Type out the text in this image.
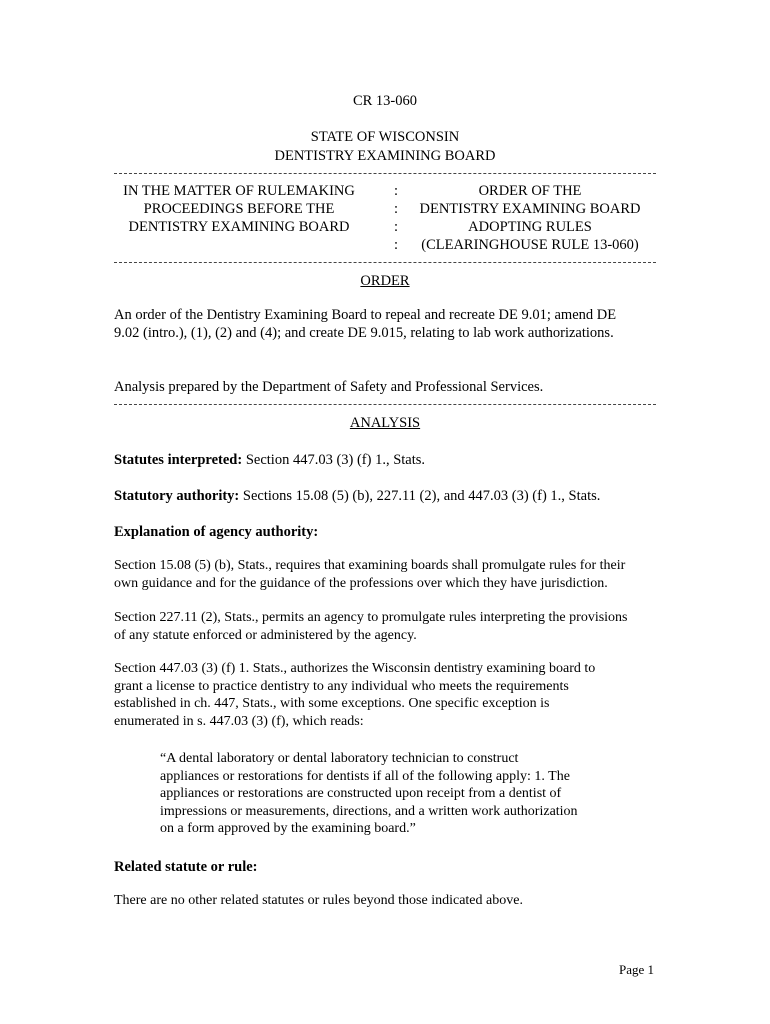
CR 13-060
STATE OF WISCONSIN
DENTISTRY EXAMINING BOARD
IN THE MATTER OF RULEMAKING
PROCEEDINGS BEFORE THE
DENTISTRY EXAMINING BOARD
:
:
:
:
ORDER OF THE
DENTISTRY EXAMINING BOARD
ADOPTING RULES
(CLEARINGHOUSE RULE 13-060)
ORDER
An order of the Dentistry Examining Board to repeal and recreate DE 9.01; amend DE
9.02 (intro.), (1), (2) and (4); and create DE 9.015, relating to lab work authorizations.
Analysis prepared by the Department of Safety and Professional Services.
ANALYSIS
Statutes interpreted: Section 447.03 (3) (f) 1., Stats.
Statutory authority: Sections 15.08 (5) (b), 227.11 (2), and 447.03 (3) (f) 1., Stats.
Explanation of agency authority:
Section 15.08 (5) (b), Stats., requires that examining boards shall promulgate rules for their
own guidance and for the guidance of the professions over which they have jurisdiction.
Section 227.11 (2), Stats., permits an agency to promulgate rules interpreting the provisions
of any statute enforced or administered by the agency.
Section 447.03 (3) (f) 1. Stats., authorizes the Wisconsin dentistry examining board to
grant a license to practice dentistry to any individual who meets the requirements
established in ch. 447, Stats., with some exceptions. One specific exception is
enumerated in s. 447.03 (3) (f), which reads:
“A dental laboratory or dental laboratory technician to construct
appliances or restorations for dentists if all of the following apply: 1. The
appliances or restorations are constructed upon receipt from a dentist of
impressions or measurements, directions, and a written work authorization
on a form approved by the examining board.”
Related statute or rule:
There are no other related statutes or rules beyond those indicated above.
Page 1
